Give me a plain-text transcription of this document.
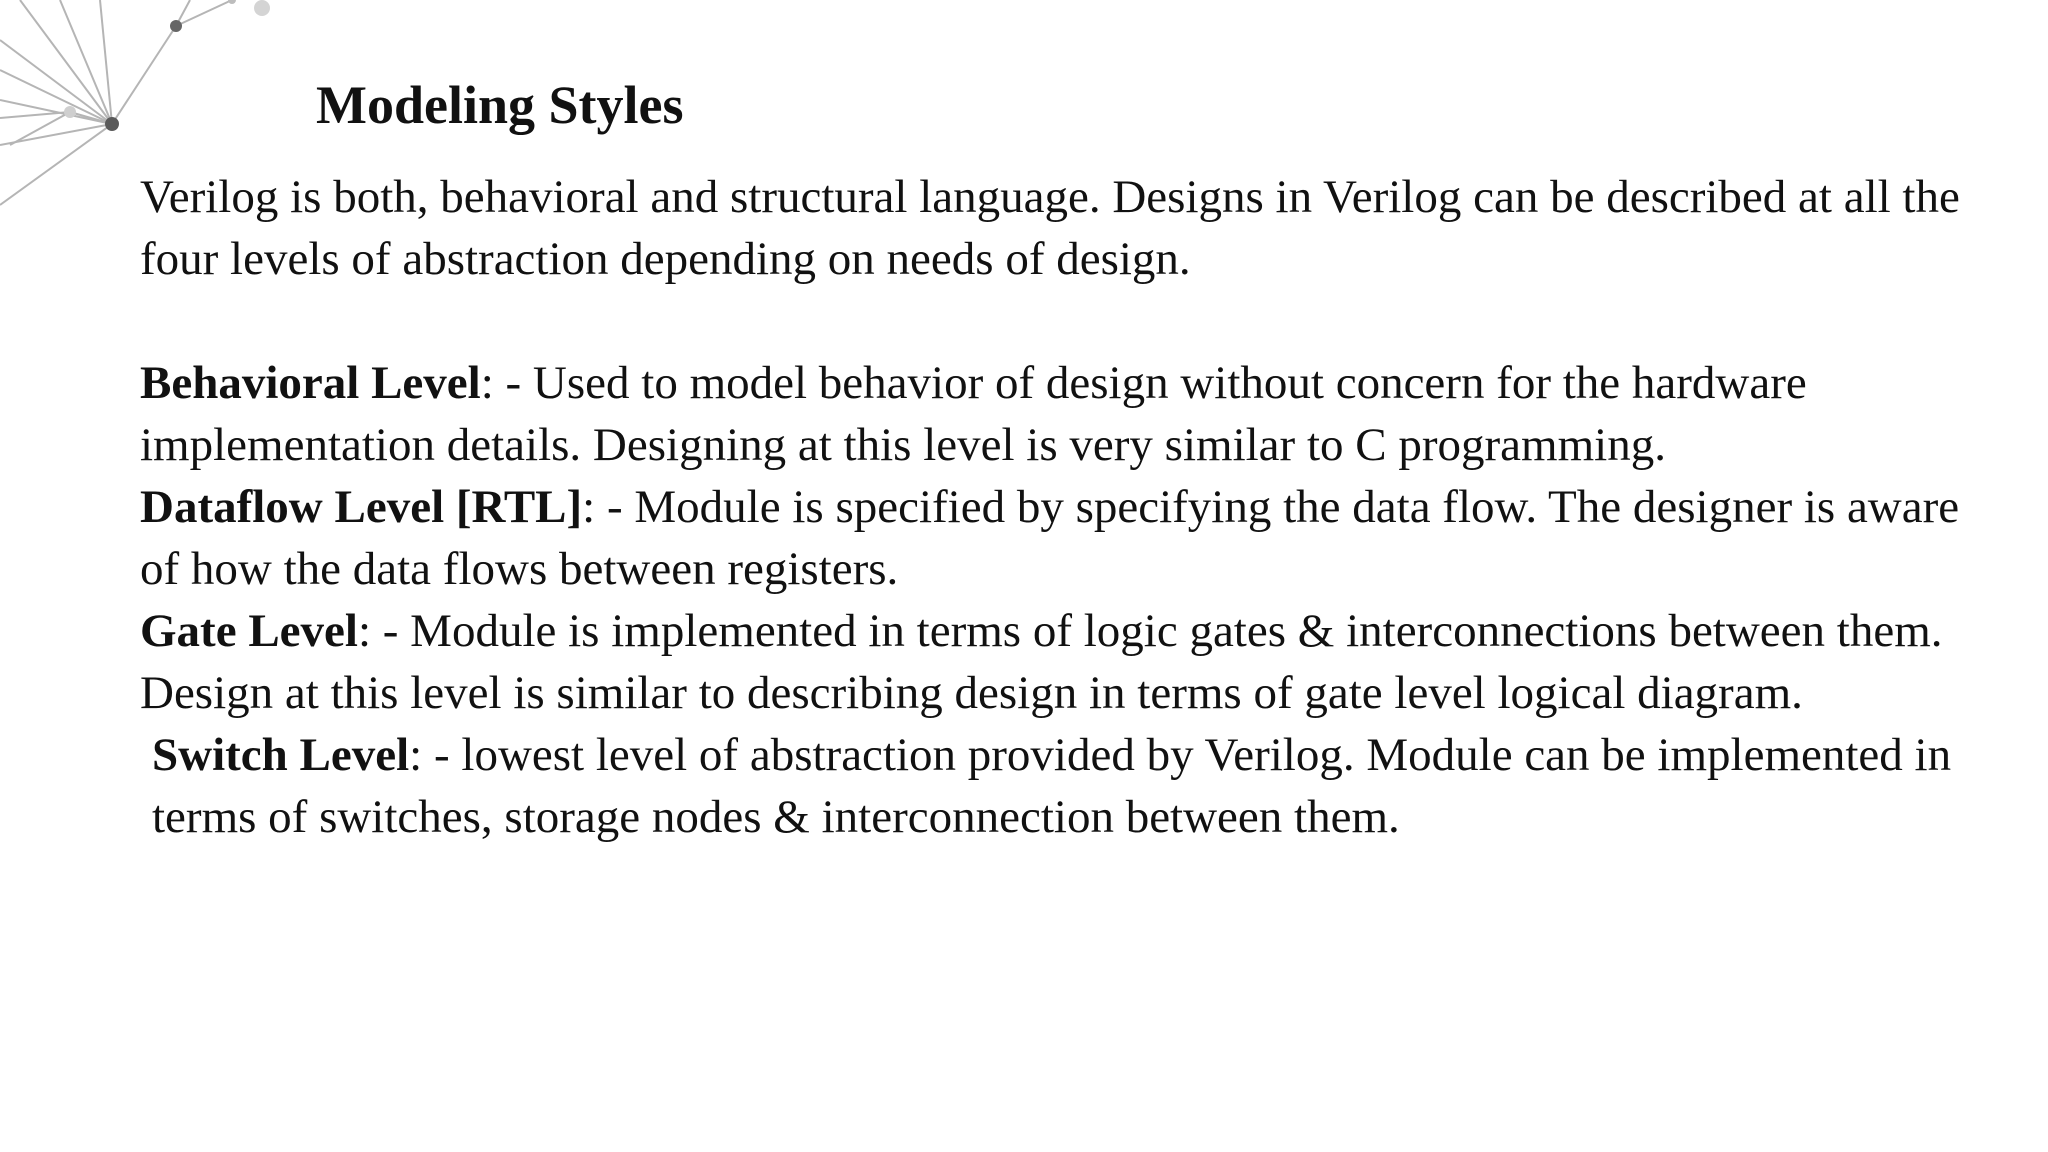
Modeling Styles

Verilog is both, behavioral and structural language. Designs in Verilog can be described at all the four levels of abstraction depending on needs of design.

Behavioral Level: - Used to model behavior of design without concern for the hardware implementation details. Designing at this level is very similar to C programming.

Dataflow Level [RTL]: - Module is specified by specifying the data flow. The designer is aware of how the data flows between registers.

Gate Level: - Module is implemented in terms of logic gates & interconnections between them. Design at this level is similar to describing design in terms of gate level logical diagram.

Switch Level: - lowest level of abstraction provided by Verilog. Module can be implemented in terms of switches, storage nodes & interconnection between them.
